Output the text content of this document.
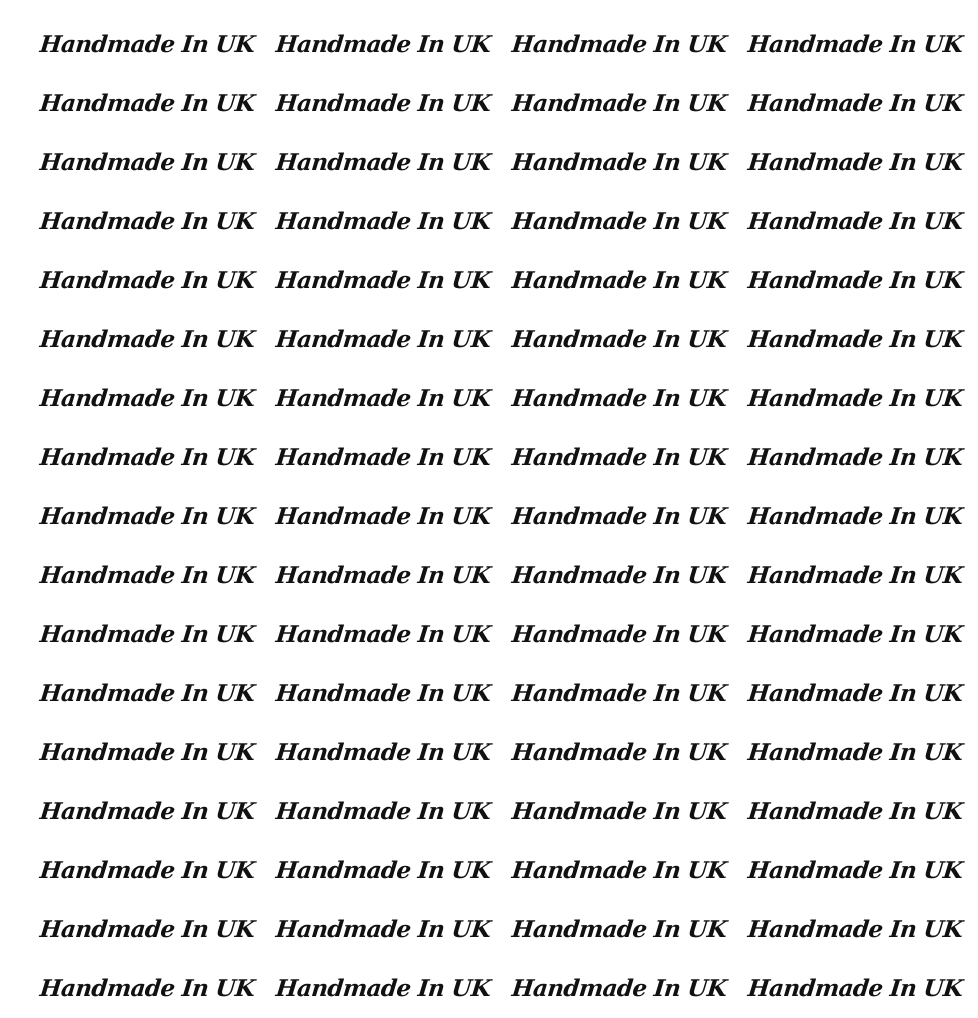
Handmade In UK Handmade In UK Handmade In UK Handmade In UK
Handmade In UK Handmade In UK Handmade In UK Handmade In UK
Handmade In UK Handmade In UK Handmade In UK Handmade In UK
Handmade In UK Handmade In UK Handmade In UK Handmade In UK
Handmade In UK Handmade In UK Handmade In UK Handmade In UK
Handmade In UK Handmade In UK Handmade In UK Handmade In UK
Handmade In UK Handmade In UK Handmade In UK Handmade In UK
Handmade In UK Handmade In UK Handmade In UK Handmade In UK
Handmade In UK Handmade In UK Handmade In UK Handmade In UK
Handmade In UK Handmade In UK Handmade In UK Handmade In UK
Handmade In UK Handmade In UK Handmade In UK Handmade In UK
Handmade In UK Handmade In UK Handmade In UK Handmade In UK
Handmade In UK Handmade In UK Handmade In UK Handmade In UK
Handmade In UK Handmade In UK Handmade In UK Handmade In UK
Handmade In UK Handmade In UK Handmade In UK Handmade In UK
Handmade In UK Handmade In UK Handmade In UK Handmade In UK
Handmade In UK Handmade In UK Handmade In UK Handmade In UK
